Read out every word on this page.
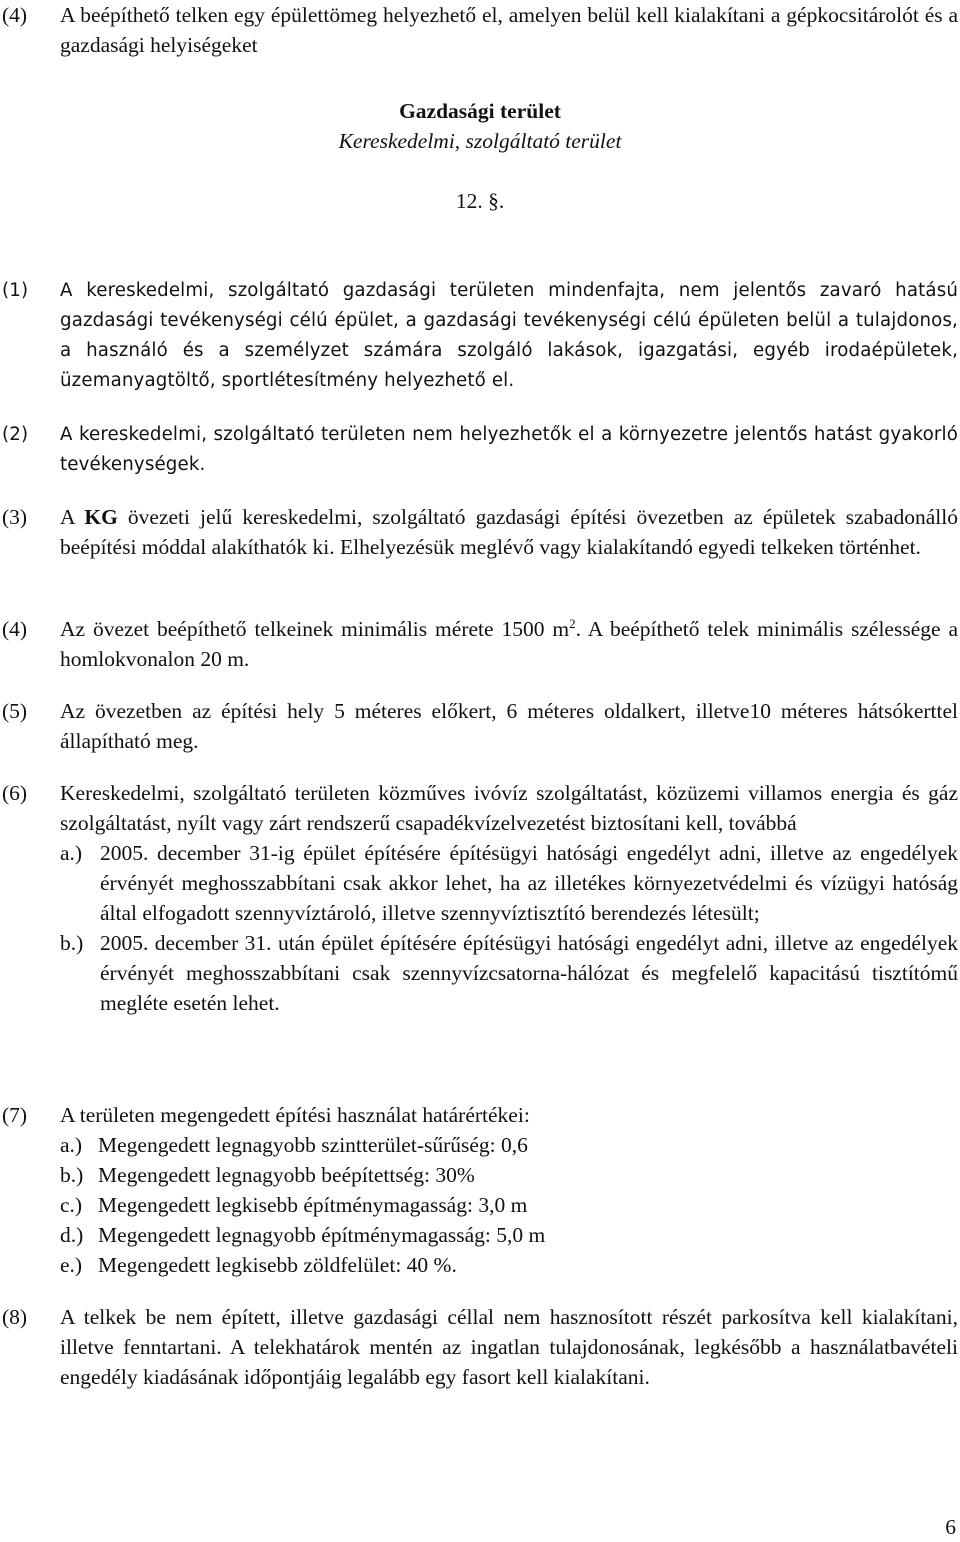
(4)	A beépíthető telken egy épülettömeg helyezhető el, amelyen belül kell kialakítani a gépkocsitárolót és a gazdasági helyiségeket
Gazdasági terület
Kereskedelmi, szolgáltató terület
12. §.
(1)	A kereskedelmi, szolgáltató gazdasági területen mindenfajta, nem jelentős zavaró hatású gazdasági tevékenységi célú épület, a gazdasági tevékenységi célú épületen belül a tulajdonos, a használó és a személyzet számára szolgáló lakások, igazgatási, egyéb irodaépületek, üzemanyagtöltő, sportlétesítmény helyezhető el.
(2)	A kereskedelmi, szolgáltató területen nem helyezhetők el a környezetre jelentős hatást gyakorló tevékenységek.
(3)	A KG övezeti jelű kereskedelmi, szolgáltató gazdasági építési övezetben az épületek szabadonálló beépítési móddal alakíthatók ki. Elhelyezésük meglévő vagy kialakítandó egyedi telkeken történhet.
(4)	Az övezet beépíthető telkeinek minimális mérete 1500 $m^2$. A beépíthető telek minimális szélessége a homlokvonalon 20 m.
(5)	Az övezetben az építési hely 5 méteres előkert, 6 méteres oldalkert, illetve10 méteres hátsókerttel állapítható meg.
(6)	Kereskedelmi, szolgáltató területen közműves ivóvíz szolgáltatást, közüzemi villamos energia és gáz szolgáltatást, nyílt vagy zárt rendszerű csapadékvízelvezetést biztosítani kell, továbbá
a.) 2005. december 31-ig épület építésére építésügyi hatósági engedélyt adni, illetve az engedélyek érvényét meghosszabbítani csak akkor lehet, ha az illetékes környezetvédelmi és vízügyi hatóság által elfogadott szennyvíztároló, illetve szennyvíztisztító berendezés létesült;
b.) 2005. december 31. után épület építésére építésügyi hatósági engedélyt adni, illetve az engedélyek érvényét meghosszabbítani csak szennyvízcsatorna-hálózat és megfelelő kapacitású tisztítómű megléte esetén lehet.
(7)	A területen megengedett építési használat határértékei:
a.) Megengedett legnagyobb szintterület-sűrűség: 0,6
b.) Megengedett legnagyobb beépítettség: 30%
c.) Megengedett legkisebb építménymagasság: 3,0 m
d.) Megengedett legnagyobb építménymagasság: 5,0 m
e.) Megengedett legkisebb zöldfelület: 40 %.
(8)	A telkek be nem épített, illetve gazdasági céllal nem hasznosított részét parkosítva kell kialakítani, illetve fenntartani. A telekhatárok mentén az ingatlan tulajdonosának, legkésőbb a használatbavételi engedély kiadásának időpontjáig legalább egy fasort kell kialakítani.
6
